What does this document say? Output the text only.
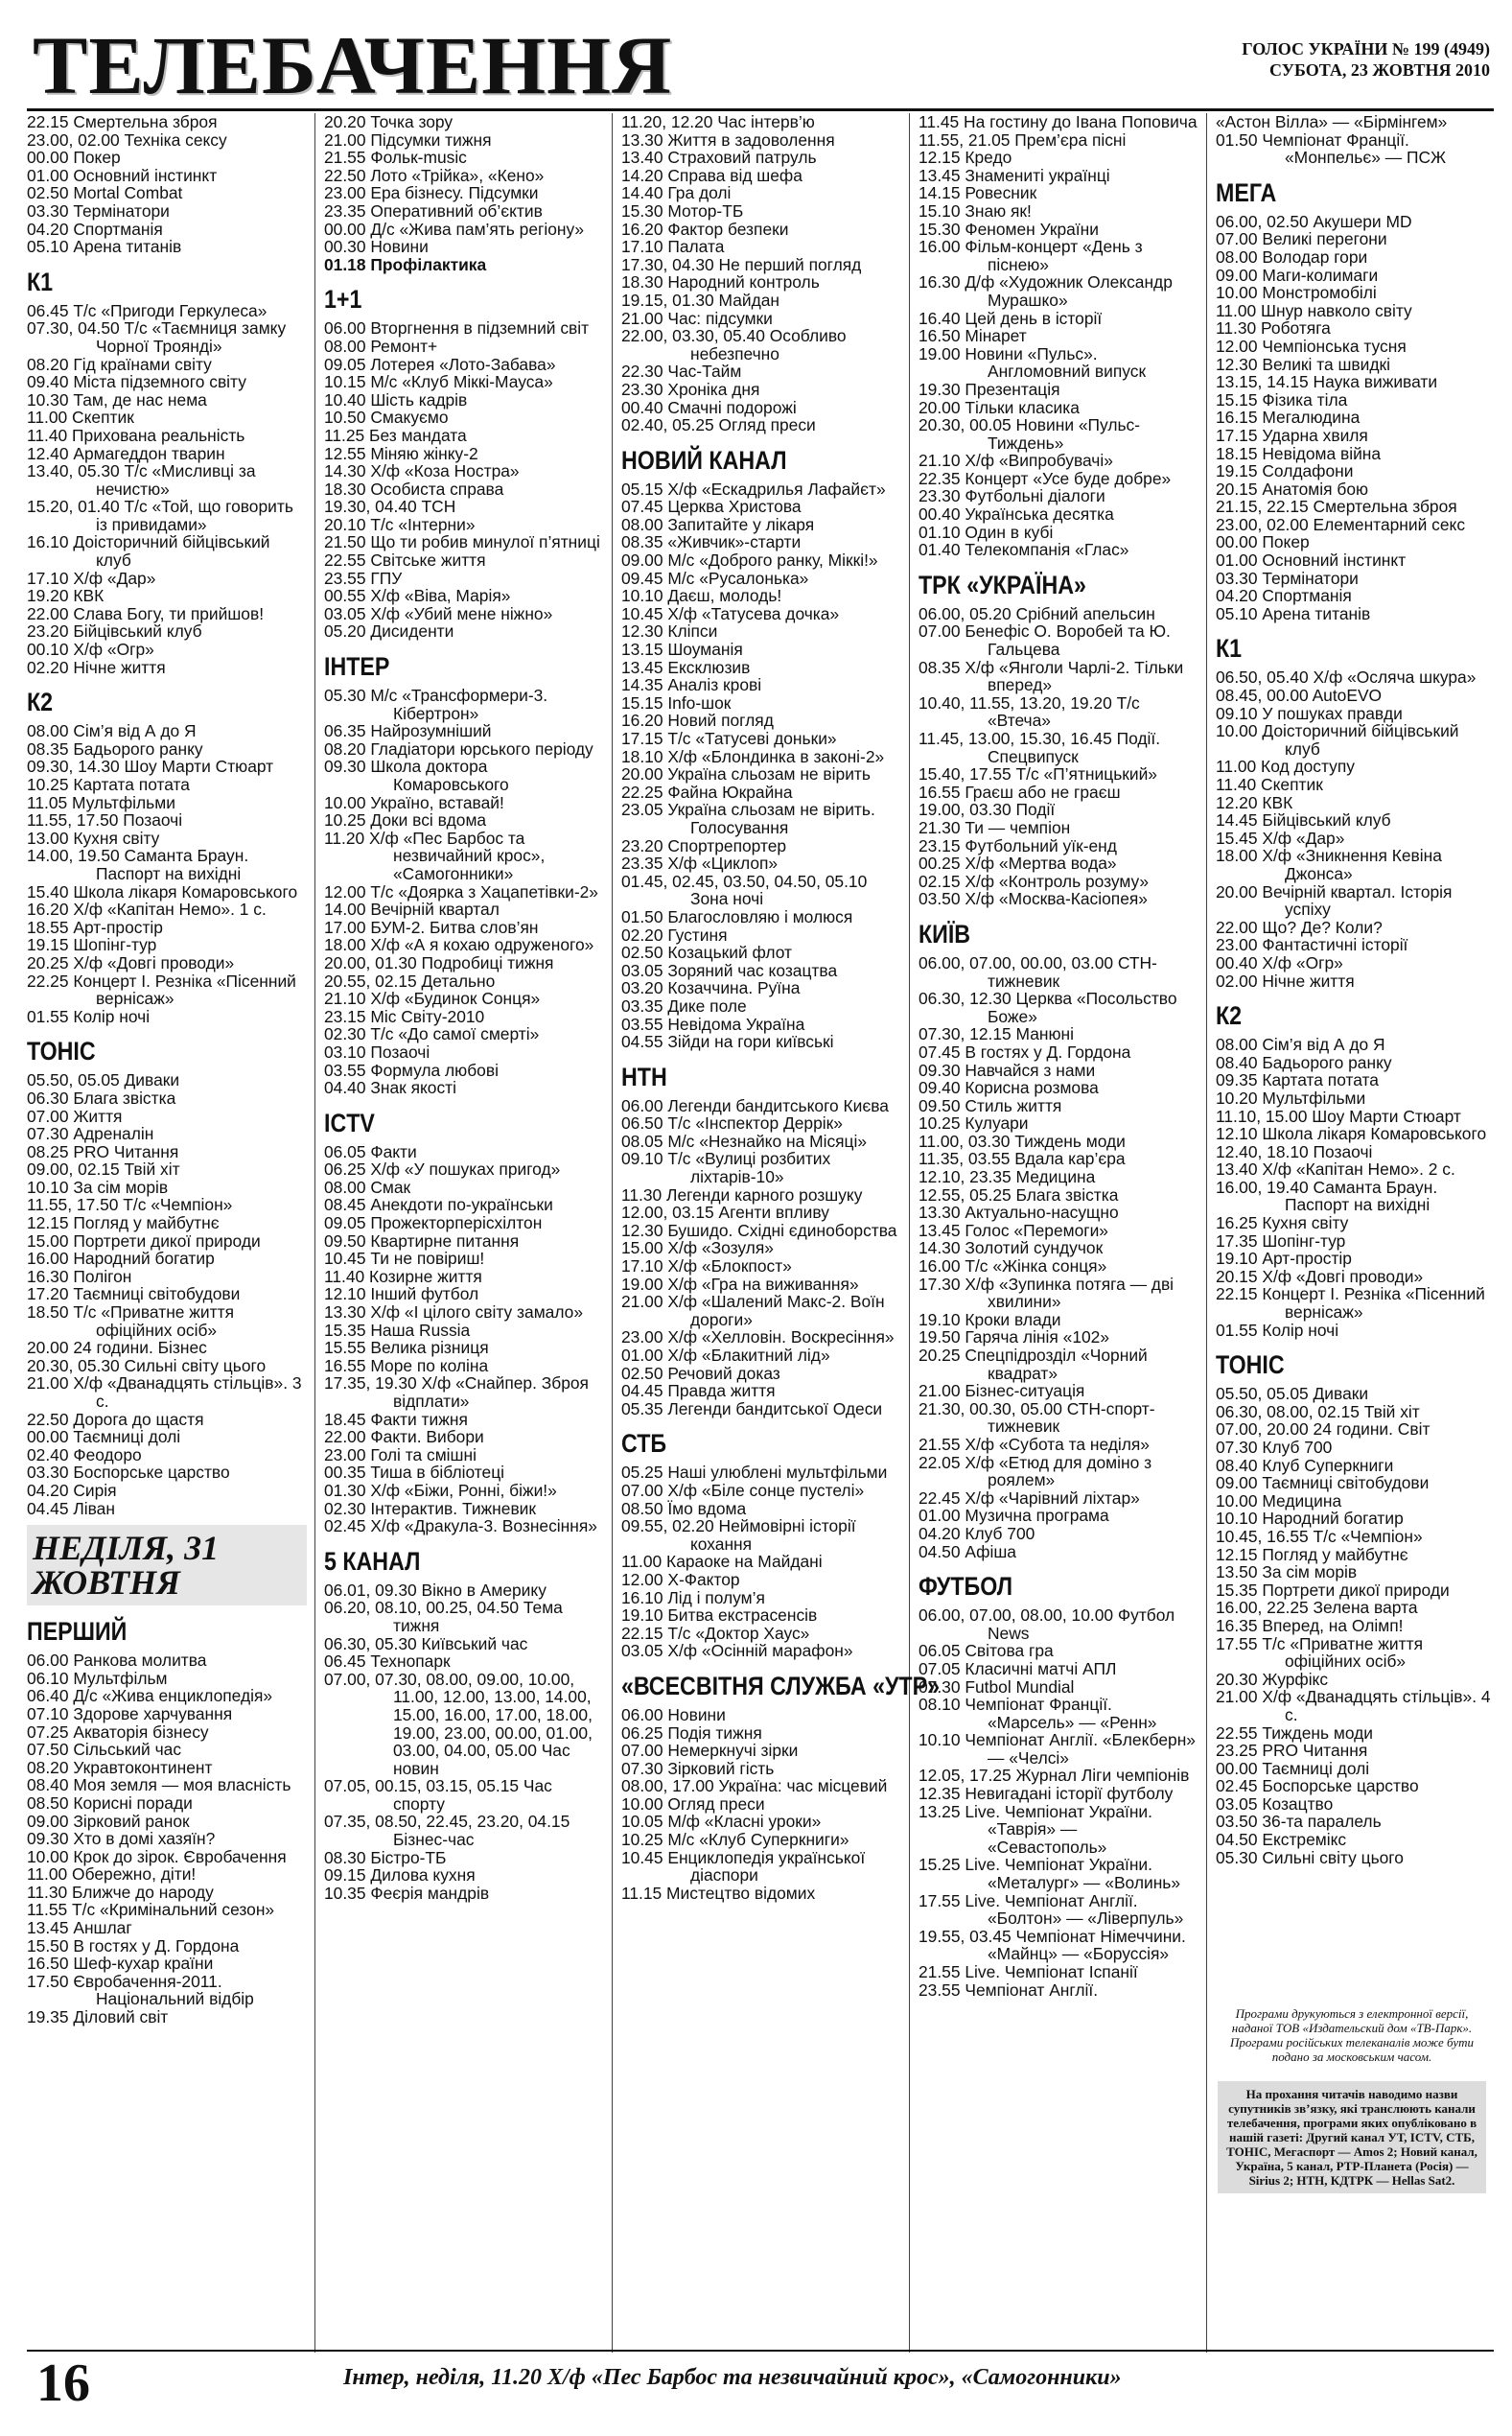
ТЕЛЕБАЧЕННЯ	ГОЛОС УКРАЇНИ № 199 (4949)
СУБОТА, 23 ЖОВТНЯ 2010
22.15 Смертельна зброя
23.00, 02.00 Техніка сексу
00.00 Покер
01.00 Основний інстинкт
02.50 Mortal Combat
03.30 Термінатори
04.20 Спортманія
05.10 Арена титанів
К1
06.45 Т/с «Пригоди Геркулеса»
07.30, 04.50 Т/с «Таємниця замку Чорної Трояндi»
08.20 Гід країнами світу
09.40 Міста підземного світу
10.30 Там, де нас нема
11.00 Скептик
11.40 Прихована реальність
12.40 Армагеддон тварин
13.40, 05.30 Т/с «Мисливці за нечистю»
15.20, 01.40 Т/с «Той, що говорить із привидами»
16.10 Доісторичний бійцівський клуб
17.10 Х/ф «Дар»
19.20 КВК
22.00 Слава Богу, ти прийшов!
23.20 Бійцівський клуб
00.10 Х/ф «Огр»
02.20 Нічне життя
К2
08.00 Сім’я від А до Я
08.35 Бадьорого ранку
09.30, 14.30 Шоу Марти Стюарт
10.25 Картата потата
11.05 Мультфільми
11.55, 17.50 Позаочі
13.00 Кухня світу
14.00, 19.50 Саманта Браун. Паспорт на вихідні
15.40 Школа лікаря Комаровського
16.20 Х/ф «Капітан Немо». 1 с.
18.55 Арт-простір
19.15 Шопінг-тур
20.25 Х/ф «Довгі проводи»
22.25 Концерт І. Резніка «Пісенний вернісаж»
01.55 Колір ночі
ТОНІС
05.50, 05.05 Диваки
06.30 Блага звістка
07.00 Життя
07.30 Адреналін
08.25 PRO Читання
09.00, 02.15 Твій хіт
10.10 За сім морів
11.55, 17.50 Т/с «Чемпіон»
12.15 Погляд у майбутнє
15.00 Портрети дикої природи
16.00 Народний богатир
16.30 Полігон
17.20 Таємниці світобудови
18.50 Т/с «Приватне життя офіційних осіб»
20.00 24 години. Бізнес
20.30, 05.30 Сильні світу цього
21.00 Х/ф «Дванадцять стільців». 3 с.
22.50 Дорога до щастя
00.00 Таємниці долі
02.40 Феодоро
03.30 Боспорське царство
04.20 Сирія
04.45 Ліван
НЕДІЛЯ, 31 ЖОВТНЯ
ПЕРШИЙ
06.00 Ранкова молитва
06.10 Мультфільм
06.40 Д/с «Жива енциклопедія»
07.10 Здорове харчування
07.25 Акваторія бізнесу
07.50 Сільський час
08.20 Укравтоконтинент
08.40 Моя земля — моя власність
08.50 Корисні поради
09.00 Зірковий ранок
09.30 Хто в домі хазяїн?
10.00 Крок до зірок. Євробачення
11.00 Обережно, діти!
11.30 Ближче до народу
11.55 Т/с «Кримінальний сезон»
13.45 Аншлаг
15.50 В гостях у Д. Гордона
16.50 Шеф-кухар країни
17.50 Євробачення-2011. Національний відбір
19.35 Діловий світ
20.20 Точка зору
21.00 Підсумки тижня
21.55 Фольк-music
22.50 Лото «Трійка», «Кено»
23.00 Ера бізнесу. Підсумки
23.35 Оперативний об’єктив
00.00 Д/с «Жива пам’ять регіону»
00.30 Новини
01.18 Профілактика
1+1
06.00 Вторгнення в підземний світ
08.00 Ремонт+
09.05 Лотерея «Лото-Забава»
10.15 М/с «Клуб Міккі-Мауса»
10.40 Шість кадрів
10.50 Смакуємо
11.25 Без мандата
12.55 Міняю жінку-2
14.30 Х/ф «Коза Ностра»
18.30 Особиста справа
19.30, 04.40 ТСН
20.10 Т/с «Інтерни»
21.50 Що ти робив минулої п’ятниці
22.55 Світське життя
23.55 ГПУ
00.55 Х/ф «Віва, Марія»
03.05 Х/ф «Убий мене ніжно»
05.20 Дисиденти
ІНТЕР
05.30 М/с «Трансформери-3. Кібертрон»
06.35 Найрозумніший
08.20 Гладіатори юрського періоду
09.30 Школа доктора Комаровського
10.00 Україно, вставай!
10.25 Доки всі вдома
11.20 Х/ф «Пес Барбос та незвичайний крос», «Самогонники»
12.00 Т/с «Доярка з Хацапетівки-2»
14.00 Вечірній квартал
17.00 БУМ-2. Битва слов’ян
18.00 Х/ф «А я кохаю одруженого»
20.00, 01.30 Подробиці тижня
20.55, 02.15 Детально
21.10 Х/ф «Будинок Сонця»
23.15 Міс Світу-2010
02.30 Т/с «До самої смерті»
03.10 Позаочі
03.55 Формула любові
04.40 Знак якості
ICTV
06.05 Факти
06.25 Х/ф «У пошуках пригод»
08.00 Смак
08.45 Анекдоти по-українськи
09.05 Прожекторперісхілтон
09.50 Квартирне питання
10.45 Ти не повіриш!
11.40 Козирне життя
12.10 Інший футбол
13.30 Х/ф «І цілого світу замало»
15.35 Наша Russia
15.55 Велика різниця
16.55 Море по коліна
17.35, 19.30 Х/ф «Снайпер. Зброя відплати»
18.45 Факти тижня
22.00 Факти. Вибори
23.00 Голі та смішні
00.35 Тиша в бібліотеці
01.30 Х/ф «Біжи, Ронні, біжи!»
02.30 Інтерактив. Тижневик
02.45 Х/ф «Дракула-3. Вознесіння»
5 КАНАЛ
06.01, 09.30 Вікно в Америку
06.20, 08.10, 00.25, 04.50 Тема тижня
06.30, 05.30 Київський час
06.45 Технопарк
07.00, 07.30, 08.00, 09.00, 10.00, 11.00, 12.00, 13.00, 14.00, 15.00, 16.00, 17.00, 18.00, 19.00, 23.00, 00.00, 01.00, 03.00, 04.00, 05.00 Час новин
07.05, 00.15, 03.15, 05.15 Час спорту
07.35, 08.50, 22.45, 23.20, 04.15 Бізнес-час
08.30 Бістро-ТБ
09.15 Дилова кухня
10.35 Феєрія мандрів
11.20, 12.20 Час інтерв’ю
13.30 Життя в задоволення
13.40 Страховий патруль
14.20 Справа від шефа
14.40 Гра долі
15.30 Мотор-ТБ
16.20 Фактор безпеки
17.10 Палата
17.30, 04.30 Не перший погляд
18.30 Народний контроль
19.15, 01.30 Майдан
21.00 Час: підсумки
22.00, 03.30, 05.40 Особливо небезпечно
22.30 Час-Тайм
23.30 Хроніка дня
00.40 Смачні подорожі
02.40, 05.25 Огляд преси
НОВИЙ КАНАЛ
05.15 Х/ф «Ескадрилья Лафайєт»
07.45 Церква Христова
08.00 Запитайте у лікаря
08.35 «Живчик»-старти
09.00 М/с «Доброго ранку, Міккі!»
09.45 М/с «Русалонька»
10.10 Даєш, молодь!
10.45 Х/ф «Татусева дочка»
12.30 Кліпси
13.15 Шоуманія
13.45 Ексклюзив
14.35 Аналіз крові
15.15 Info-шок
16.20 Новий погляд
17.15 Т/с «Татусеві доньки»
18.10 Х/ф «Блондинка в законі-2»
20.00 Україна сльозам не вірить
22.25 Файна Юкрайна
23.05 Україна сльозам не вірить. Голосування
23.20 Спортрепортер
23.35 Х/ф «Циклоп»
01.45, 02.45, 03.50, 04.50, 05.10 Зона ночі
01.50 Благословляю і молюся
02.20 Густиня
02.50 Козацький флот
03.05 Зоряний час козацтва
03.20 Козаччина. Руїна
03.35 Дике поле
03.55 Невідома Україна
04.55 Зійди на гори київські
НТН
06.00 Легенди бандитського Києва
06.50 Т/с «Інспектор Деррік»
08.05 М/с «Незнайко на Місяці»
09.10 Т/с «Вулиці розбитих ліхтарів-10»
11.30 Легенди карного розшуку
12.00, 03.15 Агенти впливу
12.30 Бушидо. Східні єдиноборства
15.00 Х/ф «Зозуля»
17.10 Х/ф «Блокпост»
19.00 Х/ф «Гра на виживання»
21.00 Х/ф «Шалений Макс-2. Воїн дороги»
23.00 Х/ф «Хелловін. Воскресіння»
01.00 Х/ф «Блакитний лід»
02.50 Речовий доказ
04.45 Правда життя
05.35 Легенди бандитської Одеси
СТБ
05.25 Наші улюблені мультфільми
07.00 Х/ф «Біле сонце пустелі»
08.50 Їмо вдома
09.55, 02.20 Неймовірні історії кохання
11.00 Караоке на Майдані
12.00 Х-Фактор
16.10 Лід і полум’я
19.10 Битва екстрасенсів
22.15 Т/с «Доктор Хаус»
03.05 Х/ф «Осінній марафон»
«ВСЕСВІТНЯ СЛУЖБА «УТР»
06.00 Новини
06.25 Подія тижня
07.00 Немеркнучі зірки
07.30 Зірковий гість
08.00, 17.00 Україна: час місцевий
10.00 Огляд преси
10.05 М/ф «Класні уроки»
10.25 М/с «Клуб Суперкниги»
10.45 Енциклопедія української діаспори
11.15 Мистецтво відомих
11.45 На гостину до Івана Поповича
11.55, 21.05 Прем’єра пісні
12.15 Кредо
13.45 Знамениті українці
14.15 Ровесник
15.10 Знаю як!
15.30 Феномен України
16.00 Фільм-концерт «День з піснею»
16.30 Д/ф «Художник Олександр Мурашко»
16.40 Цей день в історії
16.50 Мінарет
19.00 Новини «Пульс». Англомовний випуск
19.30 Презентація
20.00 Тільки класика
20.30, 00.05 Новини «Пульс-Тиждень»
21.10 Х/ф «Випробувачі»
22.35 Концерт «Усе буде добре»
23.30 Футбольні діалоги
00.40 Українська десятка
01.10 Один в кубі
01.40 Телекомпанія «Глас»
ТРК «УКРАЇНА»
06.00, 05.20 Срібний апельсин
07.00 Бенефіс О. Воробей та Ю. Гальцева
08.35 Х/ф «Янголи Чарлі-2. Тільки вперед»
10.40, 11.55, 13.20, 19.20 Т/с «Втеча»
11.45, 13.00, 15.30, 16.45 Події. Спецвипуск
15.40, 17.55 Т/с «П’ятницький»
16.55 Граєш або не граєш
19.00, 03.30 Події
21.30 Ти — чемпіон
23.15 Футбольний уїк-енд
00.25 Х/ф «Мертва вода»
02.15 Х/ф «Контроль розуму»
03.50 Х/ф «Москва-Касіопея»
КИЇВ
06.00, 07.00, 00.00, 03.00 СТН-тижневик
06.30, 12.30 Церква «Посольство Боже»
07.30, 12.15 Манюні
07.45 В гостях у Д. Гордона
09.30 Навчайся з нами
09.40 Корисна розмова
09.50 Стиль життя
10.25 Кулуари
11.00, 03.30 Тиждень моди
11.35, 03.55 Вдала кар’єра
12.10, 23.35 Медицина
12.55, 05.25 Блага звістка
13.30 Актуально-насущно
13.45 Голос «Перемоги»
14.30 Золотий сундучок
16.00 Т/с «Жінка сонця»
17.30 Х/ф «Зупинка потяга — дві хвилини»
19.10 Кроки влади
19.50 Гаряча лінія «102»
20.25 Спецпідрозділ «Чорний квадрат»
21.00 Бізнес-ситуація
21.30, 00.30, 05.00 СТН-спорт-тижневик
21.55 Х/ф «Субота та неділя»
22.05 Х/ф «Етюд для доміно з роялем»
22.45 Х/ф «Чарівний ліхтар»
01.00 Музична програма
04.20 Клуб 700
04.50 Афіша
ФУТБОЛ
06.00, 07.00, 08.00, 10.00 Футбол News
06.05 Світова гра
07.05 Класичні матчі АПЛ
07.30 Futbol Mundial
08.10 Чемпіонат Франції. «Марсель» — «Ренн»
10.10 Чемпіонат Англії. «Блекберн» — «Челсі»
12.05, 17.25 Журнал Ліги чемпіонів
12.35 Невигадані історії футболу
13.25 Live. Чемпіонат України. «Таврія» — «Севастополь»
15.25 Live. Чемпіонат України. «Металург» — «Волинь»
17.55 Live. Чемпіонат Англії. «Болтон» — «Ліверпуль»
19.55, 03.45 Чемпіонат Німеччини. «Майнц» — «Боруссія»
21.55 Live. Чемпіонат Іспанії
23.55 Чемпіонат Англії.
«Астон Вілла» — «Бірмінгем»
01.50 Чемпіонат Франції. «Монпельє» — ПСЖ
МЕГА
06.00, 02.50 Акушери MD
07.00 Великі перегони
08.00 Володар гори
09.00 Маги-колимаги
10.00 Монстромобілі
11.00 Шнур навколо світу
11.30 Роботяга
12.00 Чемпіонська тусня
12.30 Великі та швидкі
13.15, 14.15 Наука виживати
15.15 Фізика тіла
16.15 Мегалюдина
17.15 Ударна хвиля
18.15 Невідома війна
19.15 Солдафони
20.15 Анатомія бою
21.15, 22.15 Смертельна зброя
23.00, 02.00 Елементарний секс
00.00 Покер
01.00 Основний інстинкт
03.30 Термінатори
04.20 Спортманія
05.10 Арена титанів
К1
06.50, 05.40 Х/ф «Осляча шкура»
08.45, 00.00 AutoEVO
09.10 У пошуках правди
10.00 Доісторичний бійцівський клуб
11.00 Код доступу
11.40 Скептик
12.20 КВК
14.45 Бійцівський клуб
15.45 Х/ф «Дар»
18.00 Х/ф «Зникнення Кевіна Джонса»
20.00 Вечірній квартал. Історія успіху
22.00 Що? Де? Коли?
23.00 Фантастичні історії
00.40 Х/ф «Огр»
02.00 Нічне життя
К2
08.00 Сім’я від А до Я
08.40 Бадьорого ранку
09.35 Картата потата
10.20 Мультфільми
11.10, 15.00 Шоу Марти Стюарт
12.10 Школа лікаря Комаровського
12.40, 18.10 Позаочі
13.40 Х/ф «Капітан Немо». 2 с.
16.00, 19.40 Саманта Браун. Паспорт на вихідні
16.25 Кухня світу
17.35 Шопінг-тур
19.10 Арт-простір
20.15 Х/ф «Довгі проводи»
22.15 Концерт І. Резніка «Пісенний вернісаж»
01.55 Колір ночі
ТОНІС
05.50, 05.05 Диваки
06.30, 08.00, 02.15 Твій хіт
07.00, 20.00 24 години. Світ
07.30 Клуб 700
08.40 Клуб Суперкниги
09.00 Таємниці світобудови
10.00 Медицина
10.10 Народний богатир
10.45, 16.55 Т/с «Чемпіон»
12.15 Погляд у майбутнє
13.50 За сім морів
15.35 Портрети дикої природи
16.00, 22.25 Зелена варта
16.35 Вперед, на Олімп!
17.55 Т/с «Приватне життя офіційних осіб»
20.30 Журфікс
21.00 Х/ф «Дванадцять стільців». 4 с.
22.55 Тиждень моди
23.25 PRO Читання
00.00 Таємниці долі
02.45 Боспорське царство
03.05 Козацтво
03.50 36-та паралель
04.50 Екстремікс
05.30 Сильні світу цього
Програми друкуються з електронної версії, наданої ТОВ «Издательский дом «ТВ-Парк». Програми російських телеканалів може бути подано за московським часом.
На прохання читачів наводимо назви супутників зв’язку, які транслюють канали телебачення, програми яких опубліковано в нашій газеті: Другий канал УТ, ICTV, СТБ, ТОНІС, Мегаспорт — Amos 2; Новий канал, Україна, 5 канал, РТР-Планета (Росія) — Sirius 2; НТН, КДТРК — Hellas Sat2.
16	Інтер, неділя, 11.20 Х/ф «Пес Барбос та незвичайний крос», «Самогонники»
